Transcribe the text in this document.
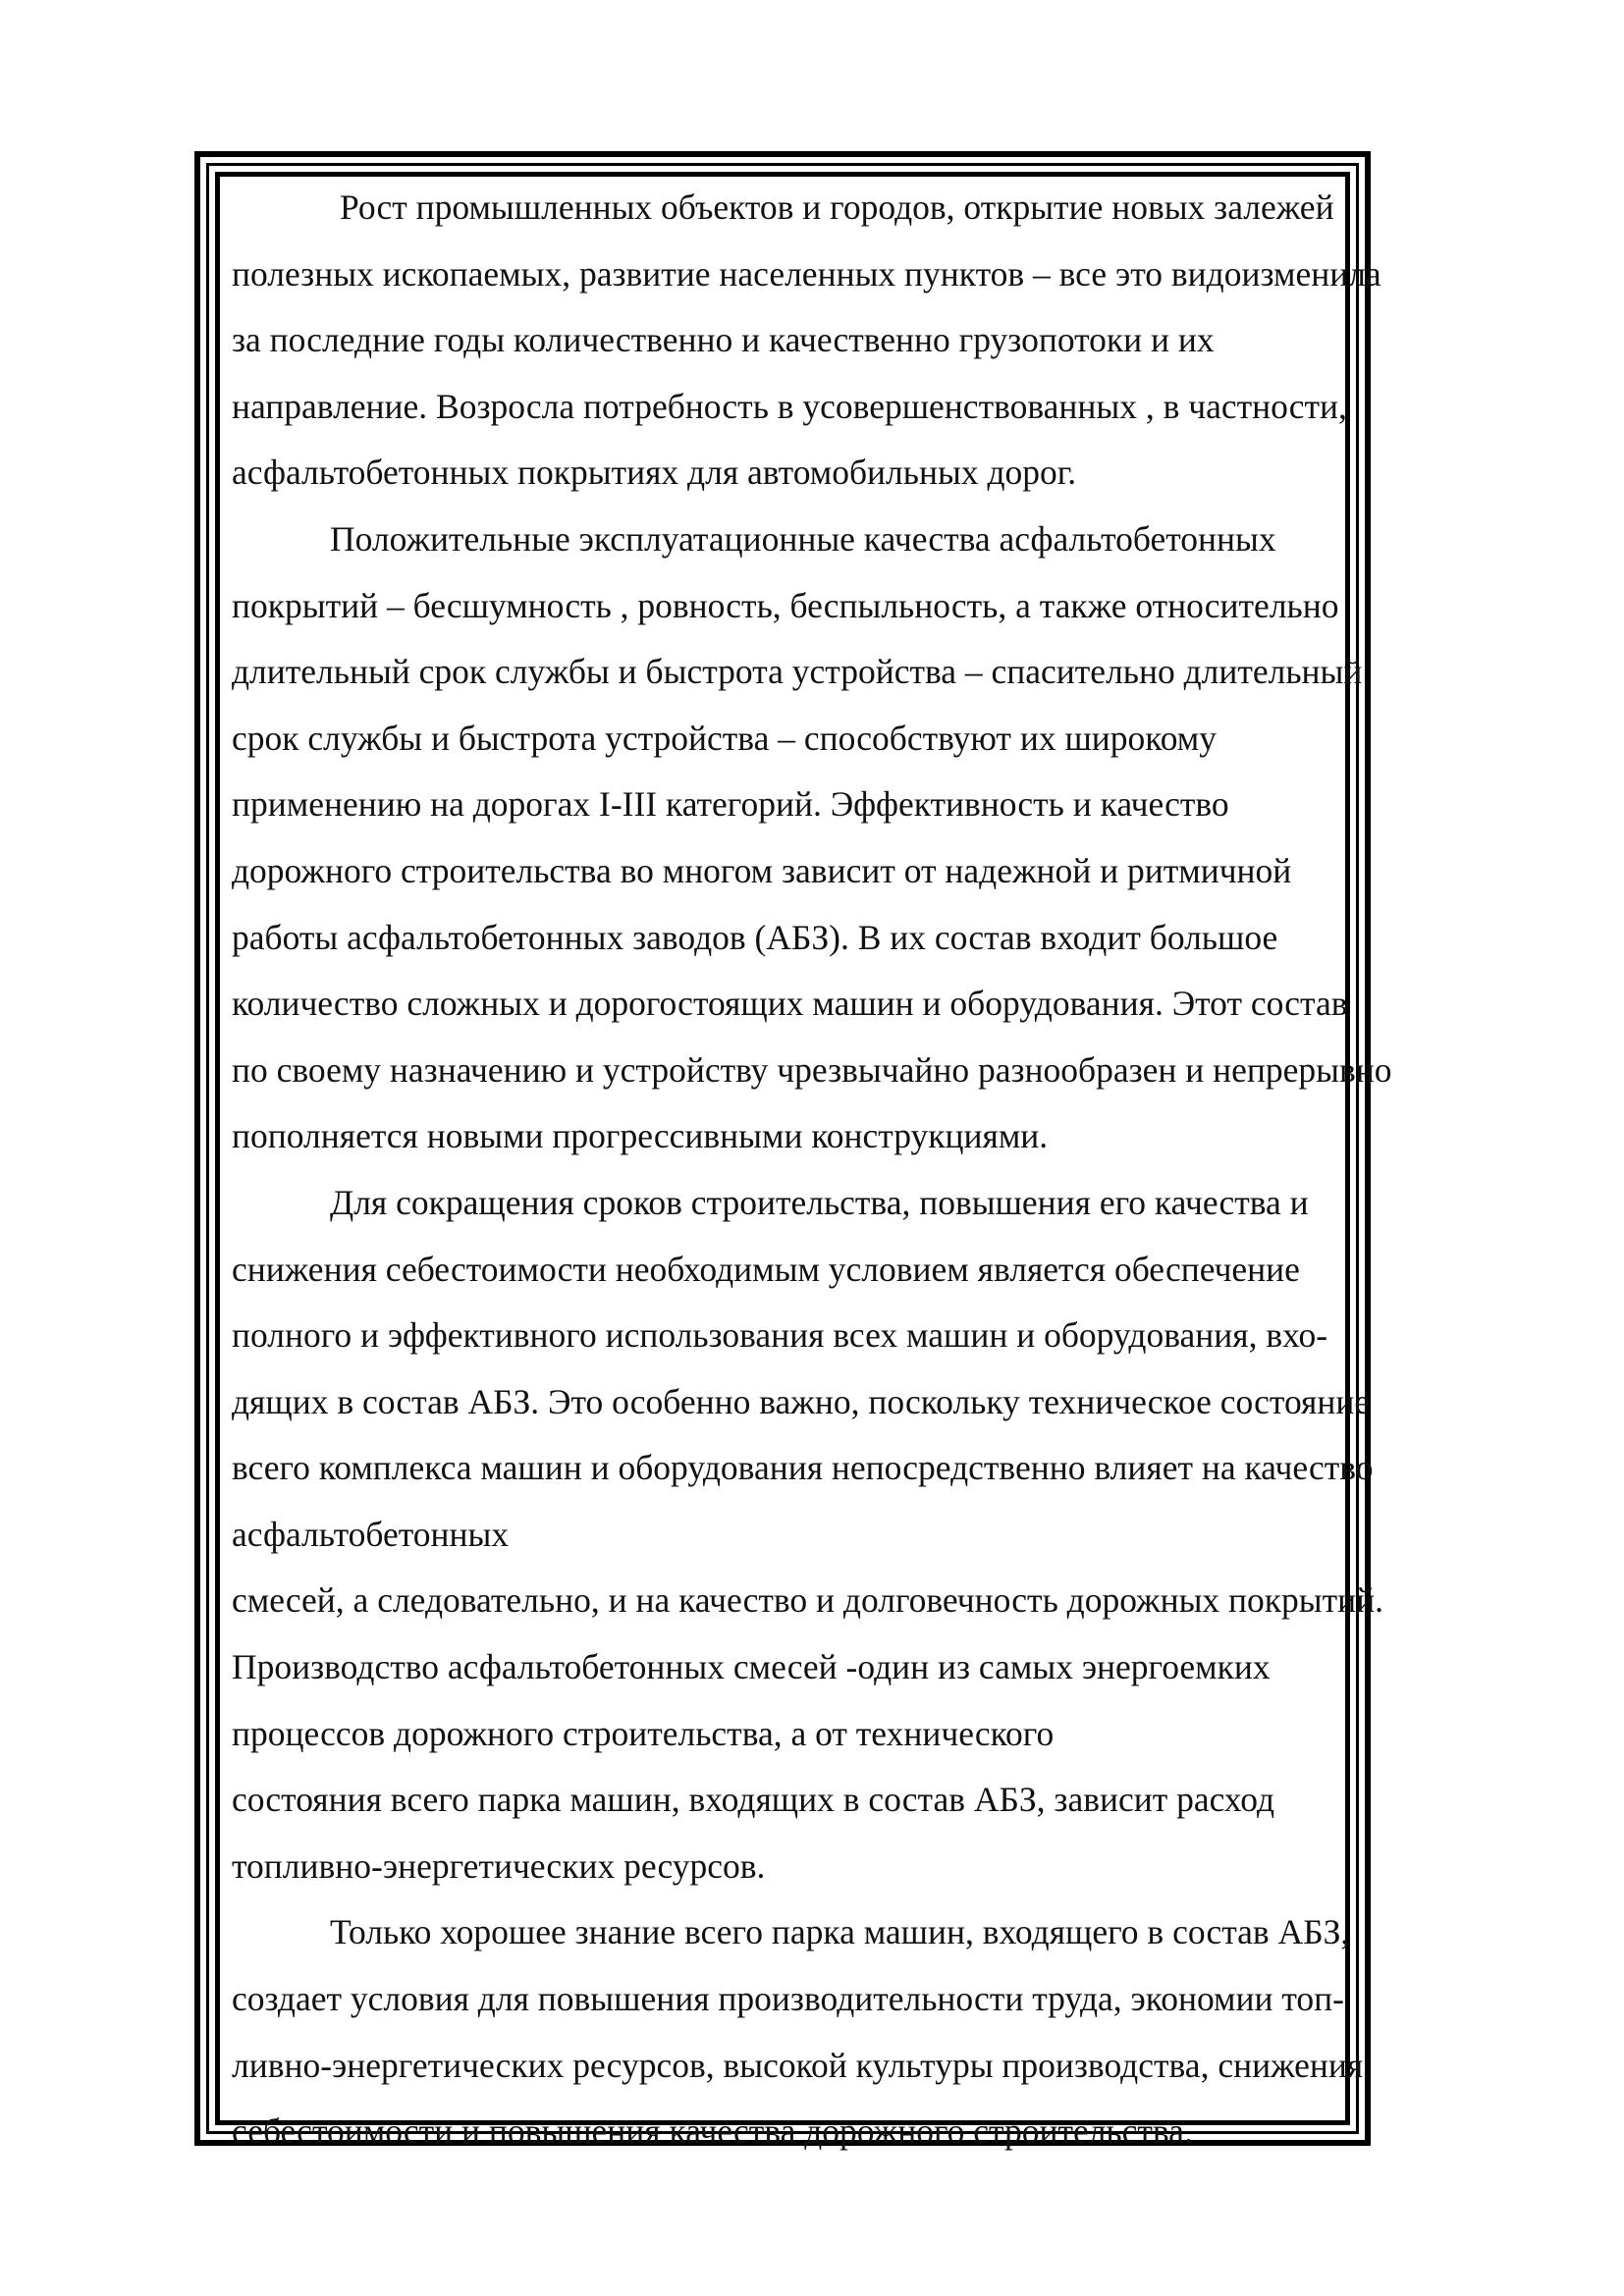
Рост промышленных объектов и городов, открытие новых залежей
полезных ископаемых, развитие населенных пунктов – все это видоизменила
за последние годы количественно и качественно грузопотоки и их
направление. Возросла потребность в усовершенствованных , в частности,
асфальтобетонных покрытиях для автомобильных дорог.
Положительные эксплуатационные качества асфальтобетонных
покрытий – бесшумность , ровность, беспыльность, а также относительно
длительный срок службы и быстрота устройства – спасительно длительный
срок службы и быстрота устройства – способствуют их широкому
применению на дорогах I-III категорий. Эффективность и качество
дорожного строительства во многом зависит от надежной и ритмичной
работы асфальтобетонных заводов (АБЗ). В их состав входит большое
количество сложных и дорогостоящих машин и оборудования. Этот состав
по своему назначению и устройству чрезвычайно разнообразен и непрерывно
пополняется новыми прогрессивными конструкциями.
Для сокращения сроков строительства, повышения его качества и
снижения себестоимости необходимым условием является обеспечение
полного и эффективного использования всех машин и оборудования, вхо-
дящих в состав АБЗ. Это особенно важно, поскольку техническое состояние
всего комплекса машин и оборудования непосредственно влияет на качество
асфальтобетонных
смесей, а следовательно, и на качество и долговечность дорожных покрытий.
Производство асфальтобетонных смесей -один из самых энергоемких
процессов дорожного строительства, а от технического
состояния всего парка машин, входящих в состав АБЗ, зависит расход
топливно-энергетических ресурсов.
Только хорошее знание всего парка машин, входящего в состав АБЗ,
создает условия для повышения производительности труда, экономии топ-
ливно-энергетических ресурсов, высокой культуры производства, снижения
себестоимости и повышения качества дорожного строительства.
